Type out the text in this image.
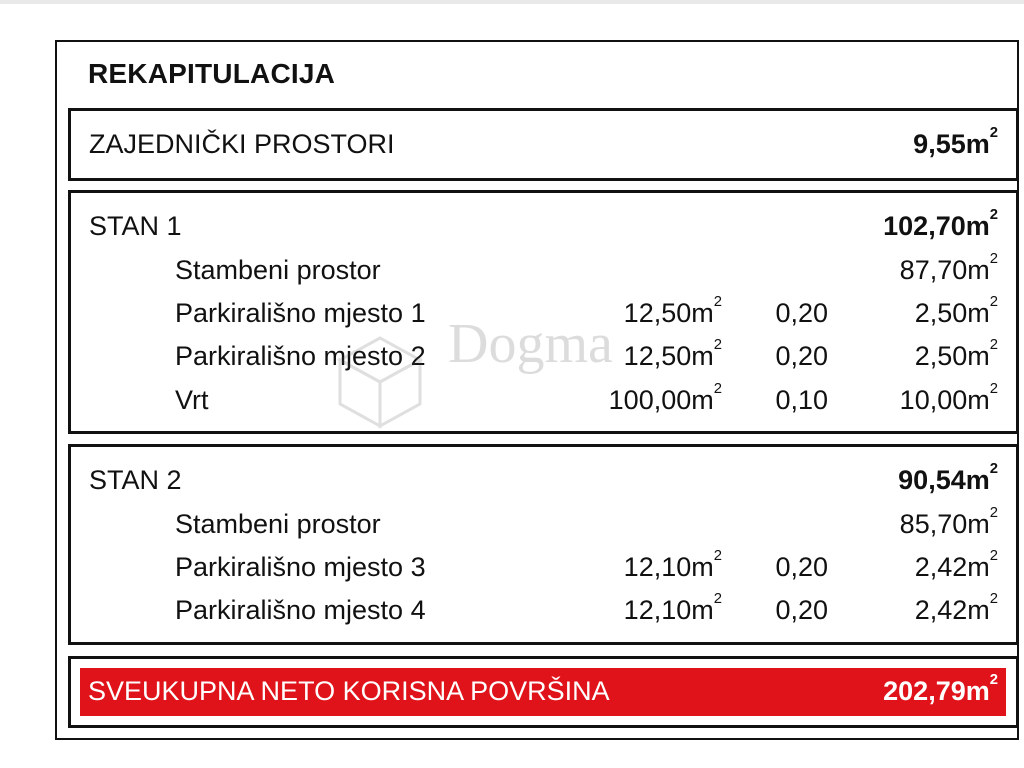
REKAPITULACIJA
ZAJEDNIČKI PROSTORI	$9,55m^2$
STAN 1	$102,70m^2$
Stambeni prostor	$87,70m^2$
Parkirališno mjesto 1	$12,50m^2$ 0,20	$2,50m^2$
Parkirališno mjesto 2	$12,50m^2$ 0,20	$2,50m^2$
Vrt	$100,00m^2$ 0,10	$10,00m^2$
STAN 2	$90,54m^2$
Stambeni prostor	$85,70m^2$
Parkirališno mjesto 3	$12,10m^2$ 0,20	$2,42m^2$
Parkirališno mjesto 4	$12,10m^2$ 0,20	$2,42m^2$
SVEUKUPNA NETO KORISNA POVRŠINA	$202,79m^2$
Dogma
